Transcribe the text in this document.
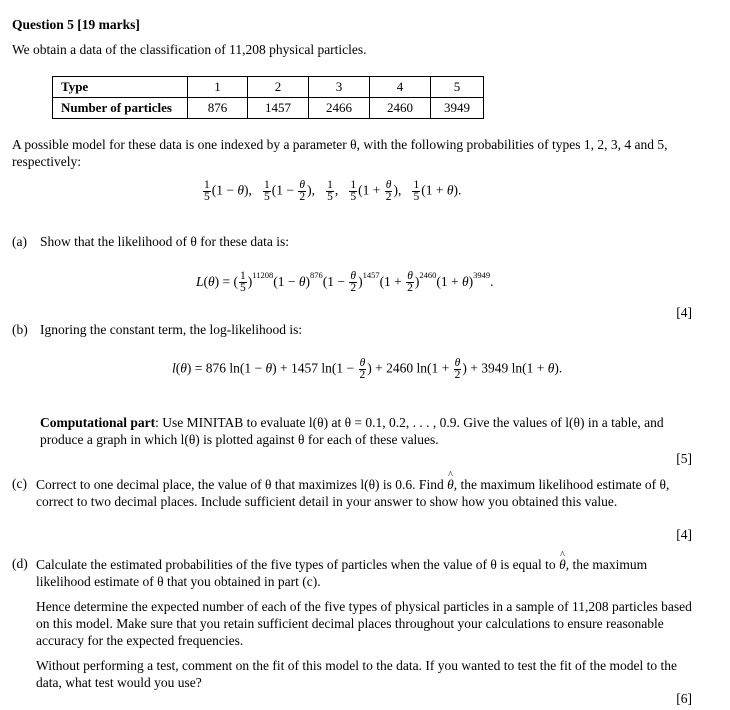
Question 5 [19 marks]
We obtain a data of the classification of 11,208 physical particles.
Type	1	2	3	4	5
Number of particles	876	1457	2466	2460	3949
A possible model for these data is one indexed by a parameter θ, with the following probabilities of types 1, 2, 3, 4 and 5, respectively:
$\frac{1}{5} (1 - \theta)$, $\frac{1}{5} (1 - \frac{\theta}{2}$ ), $\frac{1}{5}$ , $\frac{1}{5} (1 + \frac{\theta}{2}$ ), $\frac{1}{5} (1 + \theta)$.
(a) Show that the likelihood of θ for these data is:
L(θ) = ( $\frac{1}{5} )^{11208}(1 - \theta)^{876}(1 - \frac{\theta}{2} )^{1457}(1 + \frac{\theta}{2} )^{2460}(1 + \theta)^{3949}$.
[4]
(b) Ignoring the constant term, the log-likelihood is:
l(θ) = 876 ln(1 − θ) + 1457 $\ln(1 - \frac{\theta}{2}$ ) + 2460 $\ln(1 + \frac{\theta}{2}$ ) + 3949 ln(1 + θ).
Computational part: Use MINITAB to evaluate l(θ) at θ = 0.1, 0.2, . . . , 0.9. Give the values of l(θ) in a table, and produce a graph in which l(θ) is plotted against θ for each of these values.
[5]
(c) Correct to one decimal place, the value of θ that maximizes l(θ) is 0.6. Find ^ θ, the maximum likelihood estimate of θ, correct to two decimal places. Include sufficient detail in your answer to show how you obtained this value.
[4]
(d) Calculate the estimated probabilities of the five types of particles when the value of θ is equal to ^ θ, the maximum likelihood estimate of θ that you obtained in part (c).
Hence determine the expected number of each of the five types of physical particles in a sample of 11,208 particles based on this model. Make sure that you retain sufficient decimal places throughout your calculations to ensure reasonable accuracy for the expected frequencies.
Without performing a test, comment on the fit of this model to the data. If you wanted to test the fit of the model to the data, what test would you use?
[6]
